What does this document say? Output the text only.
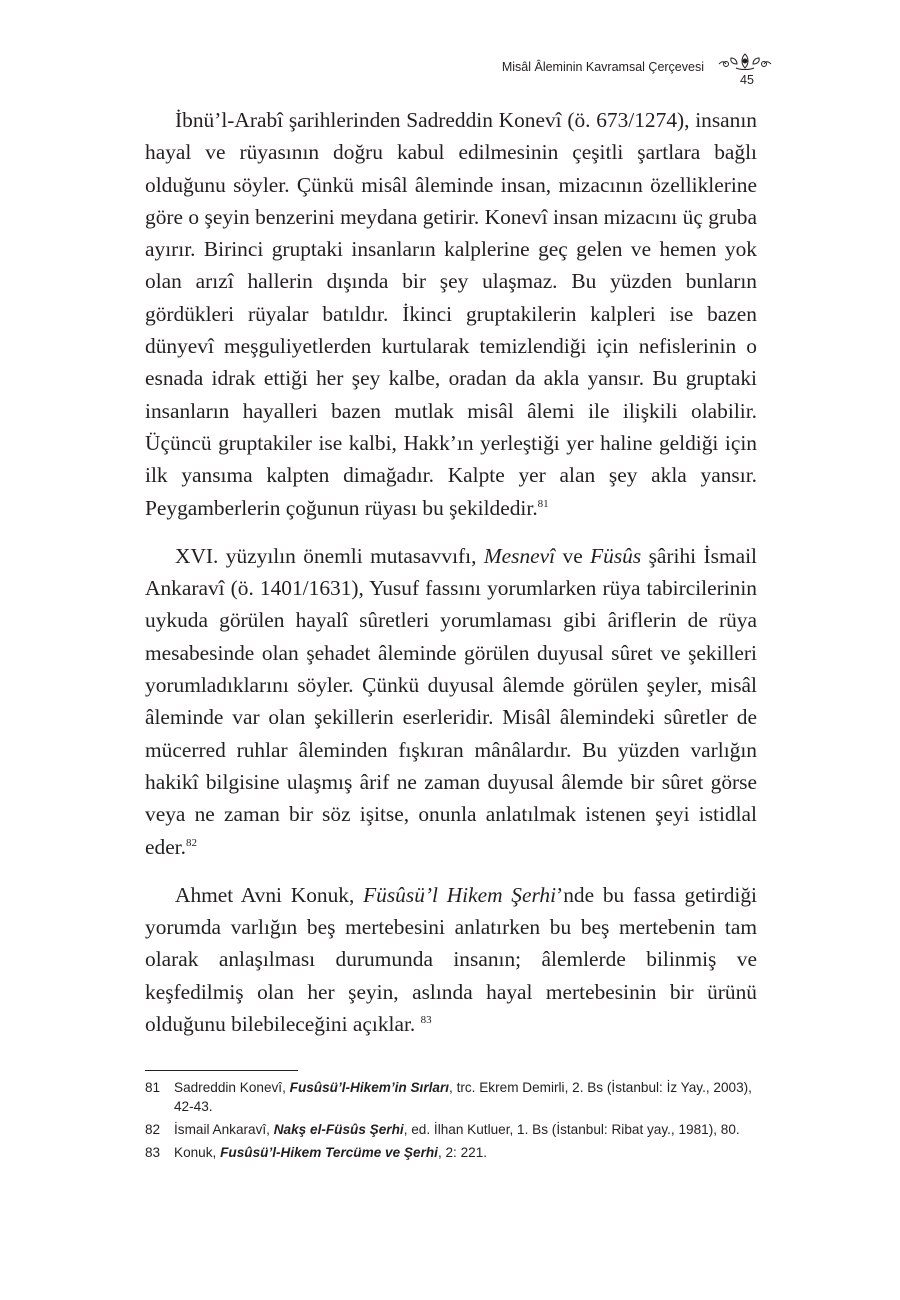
Misâl Âleminin Kavramsal Çerçevesi
45

İbnü’l-Arabî şarihlerinden Sadreddin Konevî (ö. 673/1274), insanın hayal ve rüyasının doğru kabul edilmesinin çeşitli şartlara bağlı olduğunu söyler. Çünkü misâl âleminde insan, mizacının özelliklerine göre o şeyin benzerini meydana getirir. Konevî insan mizacını üç gruba ayırır. Birinci gruptaki insanların kalplerine geç gelen ve hemen yok olan arızî hallerin dışında bir şey ulaşmaz. Bu yüzden bunların gördükleri rüyalar batıldır. İkinci gruptakilerin kalpleri ise bazen dünyevî meşguliyetlerden kurtularak temizlendiği için nefislerinin o esnada idrak ettiği her şey kalbe, oradan da akla yansır. Bu gruptaki insanların hayalleri bazen mutlak misâl âlemi ile ilişkili olabilir. Üçüncü gruptakiler ise kalbi, Hakk’ın yerleştiği yer haline geldiği için ilk yansıma kalpten dimağadır. Kalpte yer alan şey akla yansır. Peygamberlerin çoğunun rüyası bu şekildedir.$^{81}$

XVI. yüzyılın önemli mutasavvıfı, Mesnevî ve Füsûs şârihi İsmail Ankaravî (ö. 1401/1631), Yusuf fassını yorumlarken rüya tabircilerinin uykuda görülen hayalî sûretleri yorumlaması gibi âriflerin de rüya mesabesinde olan şehadet âleminde görülen duyusal sûret ve şekilleri yorumladıklarını söyler. Çünkü duyusal âlemde görülen şeyler, misâl âleminde var olan şekillerin eserleridir. Misâl âlemindeki sûretler de mücerred ruhlar âleminden fışkıran mânâlardır. Bu yüzden varlığın hakikî bilgisine ulaşmış ârif ne zaman duyusal âlemde bir sûret görse veya ne zaman bir söz işitse, onunla anlatılmak istenen şeyi istidlal eder.$^{82}$

Ahmet Avni Konuk, Füsûsü’l Hikem Şerhi’nde bu fassa getirdiği yorumda varlığın beş mertebesini anlatırken bu beş mertebenin tam olarak anlaşılması durumunda insanın; âlemlerde bilinmiş ve keşfedilmiş olan her şeyin, aslında hayal mertebesinin bir ürünü olduğunu bilebileceğini açıklar. $^{83}$

81 Sadreddin Konevî, Fusûsü’l-Hikem’in Sırları, trc. Ekrem Demirli, 2. Bs (İstanbul: İz Yay., 2003), 42-43.
82 İsmail Ankaravî, Nakş el-Füsûs Şerhi, ed. İlhan Kutluer, 1. Bs (İstanbul: Ribat yay., 1981), 80.
83 Konuk, Fusûsü’l-Hikem Tercüme ve Şerhi, 2: 221.
